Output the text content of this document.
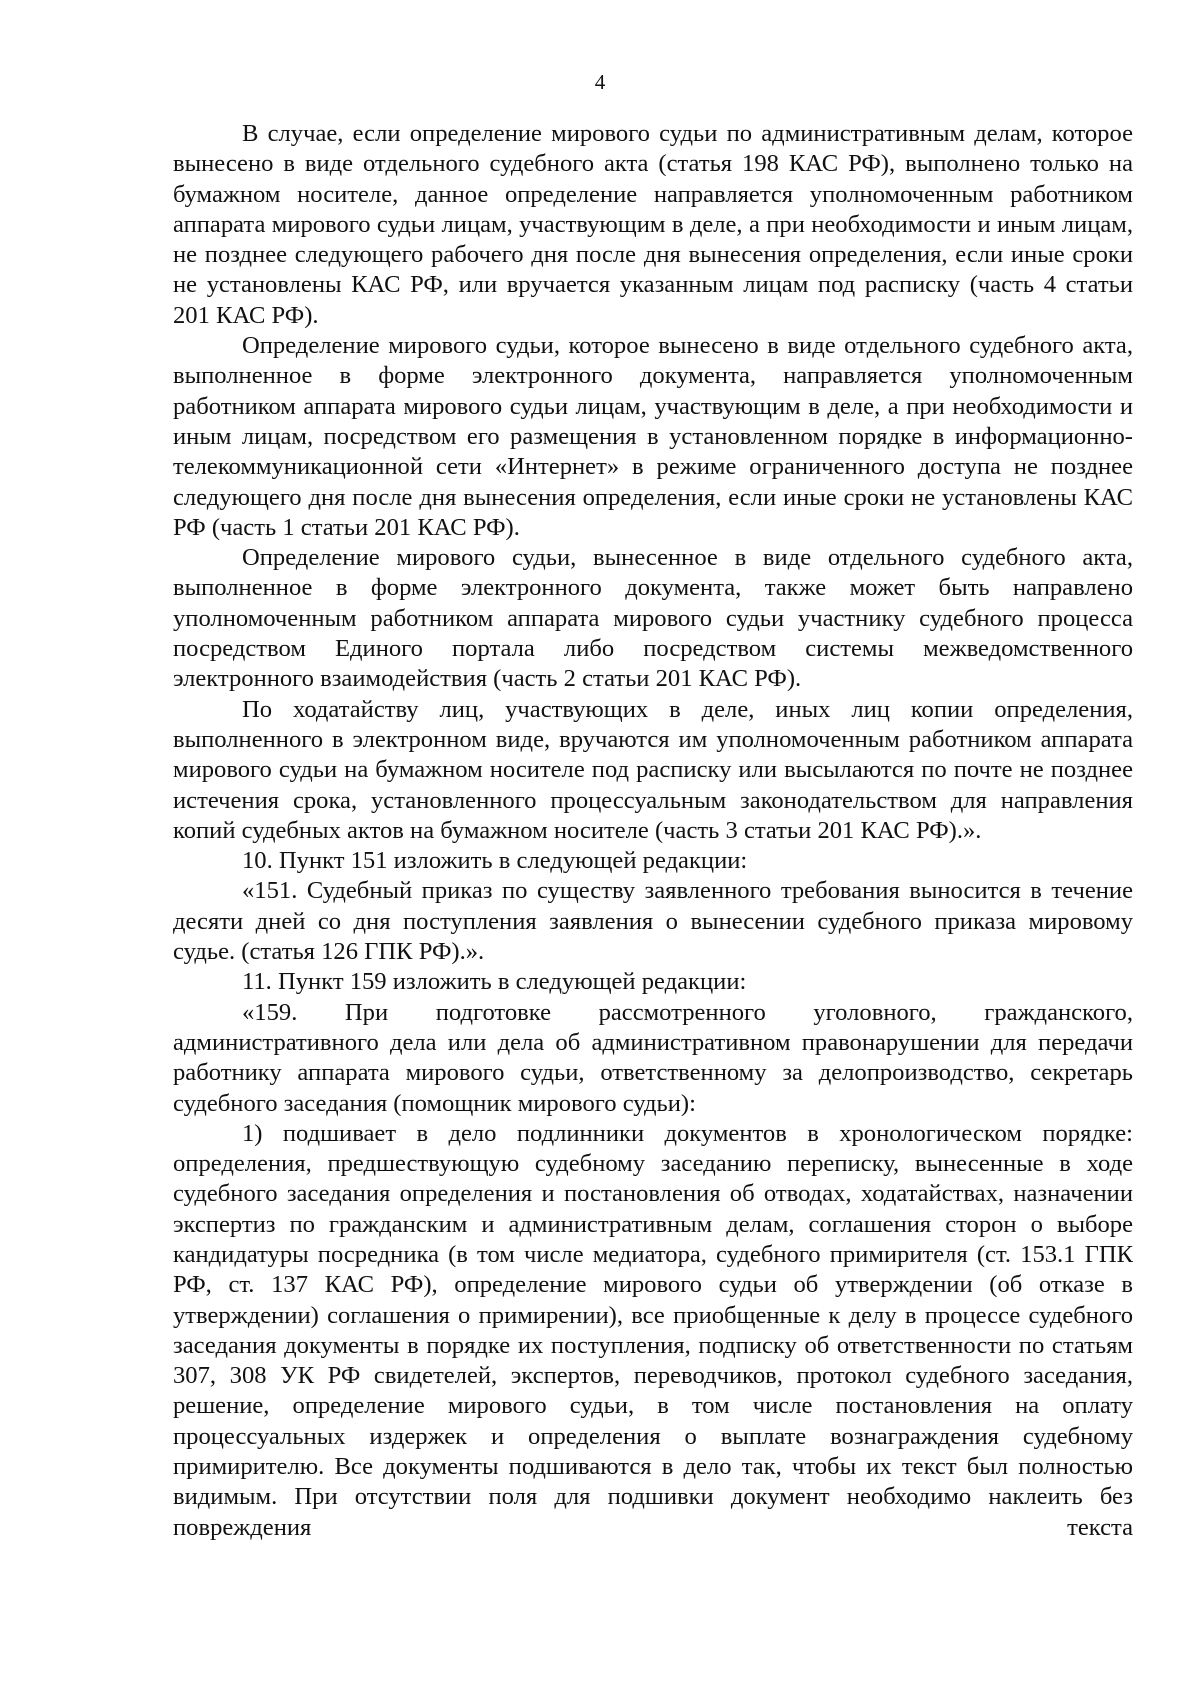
4

В случае, если определение мирового судьи по административным делам, которое вынесено в виде отдельного судебного акта (статья 198 КАС РФ), выполнено только на бумажном носителе, данное определение направляется уполномоченным работником аппарата мирового судьи лицам, участвующим в деле, а при необходимости и иным лицам, не позднее следующего рабочего дня после дня вынесения определения, если иные сроки не установлены КАС РФ, или вручается указанным лицам под расписку (часть 4 статьи 201 КАС РФ).

Определение мирового судьи, которое вынесено в виде отдельного судебного акта, выполненное в форме электронного документа, направляется уполномоченным работником аппарата мирового судьи лицам, участвующим в деле, а при необходимости и иным лицам, посредством его размещения в установленном порядке в информационно-телекоммуникационной сети «Интернет» в режиме ограниченного доступа не позднее следующего дня после дня вынесения определения, если иные сроки не установлены КАС РФ (часть 1 статьи 201 КАС РФ).

Определение мирового судьи, вынесенное в виде отдельного судебного акта, выполненное в форме электронного документа, также может быть направлено уполномоченным работником аппарата мирового судьи участнику судебного процесса посредством Единого портала либо посредством системы межведомственного электронного взаимодействия (часть 2 статьи 201 КАС РФ).

По ходатайству лиц, участвующих в деле, иных лиц копии определения, выполненного в электронном виде, вручаются им уполномоченным работником аппарата мирового судьи на бумажном носителе под расписку или высылаются по почте не позднее истечения срока, установленного процессуальным законодательством для направления копий судебных актов на бумажном носителе (часть 3 статьи 201 КАС РФ).».

10. Пункт 151 изложить в следующей редакции:

«151. Судебный приказ по существу заявленного требования выносится в течение десяти дней со дня поступления заявления о вынесении судебного приказа мировому судье. (статья 126 ГПК РФ).».

11. Пункт 159 изложить в следующей редакции:

«159. При подготовке рассмотренного уголовного, гражданского, административного дела или дела об административном правонарушении для передачи работнику аппарата мирового судьи, ответственному за делопроизводство, секретарь судебного заседания (помощник мирового судьи):

1) подшивает в дело подлинники документов в хронологическом порядке: определения, предшествующую судебному заседанию переписку, вынесенные в ходе судебного заседания определения и постановления об отводах, ходатайствах, назначении экспертиз по гражданским и административным делам, соглашения сторон о выборе кандидатуры посредника (в том числе медиатора, судебного примирителя (ст. 153.1 ГПК РФ, ст. 137 КАС РФ), определение мирового судьи об утверждении (об отказе в утверждении) соглашения о примирении), все приобщенные к делу в процессе судебного заседания документы в порядке их поступления, подписку об ответственности по статьям 307, 308 УК РФ свидетелей, экспертов, переводчиков, протокол судебного заседания, решение, определение мирового судьи, в том числе постановления на оплату процессуальных издержек и определения о выплате вознаграждения судебному примирителю. Все документы подшиваются в дело так, чтобы их текст был полностью видимым. При отсутствии поля для подшивки документ необходимо наклеить без повреждения текста
